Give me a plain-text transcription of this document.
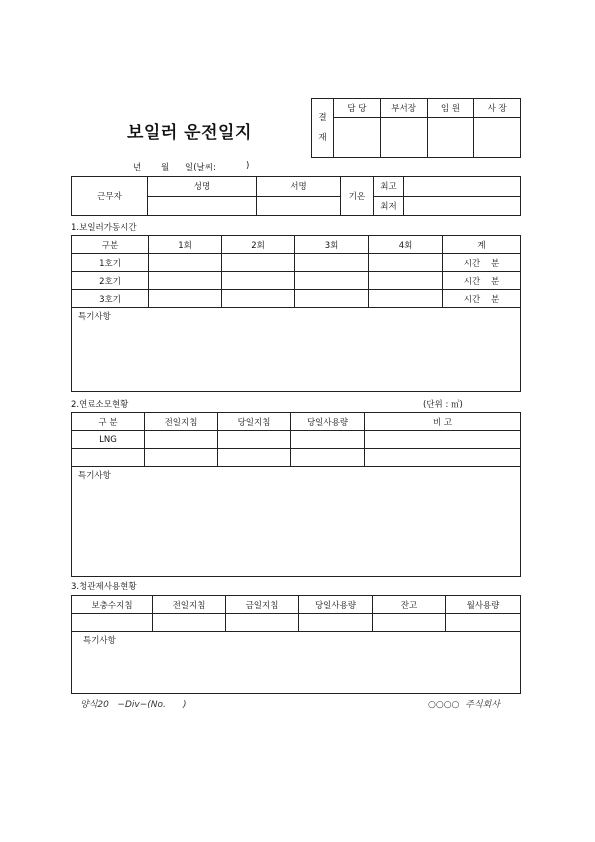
보일러 운전일지
결
재	담 당	부서장	임 원	사 장

년 월 일(날씨:	)
근무자	성명	서명	기온	최고	
				최저	
1.보일러가동시간
구분	1회	2회	3회	4회	계
1호기					시간    분
2호기					시간    분
3호기					시간    분
특기사항					
2.연료소모현황	(단위 : ㎥)
구 분	전일지침	당일지침	당일사용량	비 고
LNG				

특기사항				
3.청관제사용현황
보충수지침	전일지침	금일지침	당일사용량	잔고	월사용량

특기사항					
양식20   −Div−(No.      )	○○○○  주식회사
